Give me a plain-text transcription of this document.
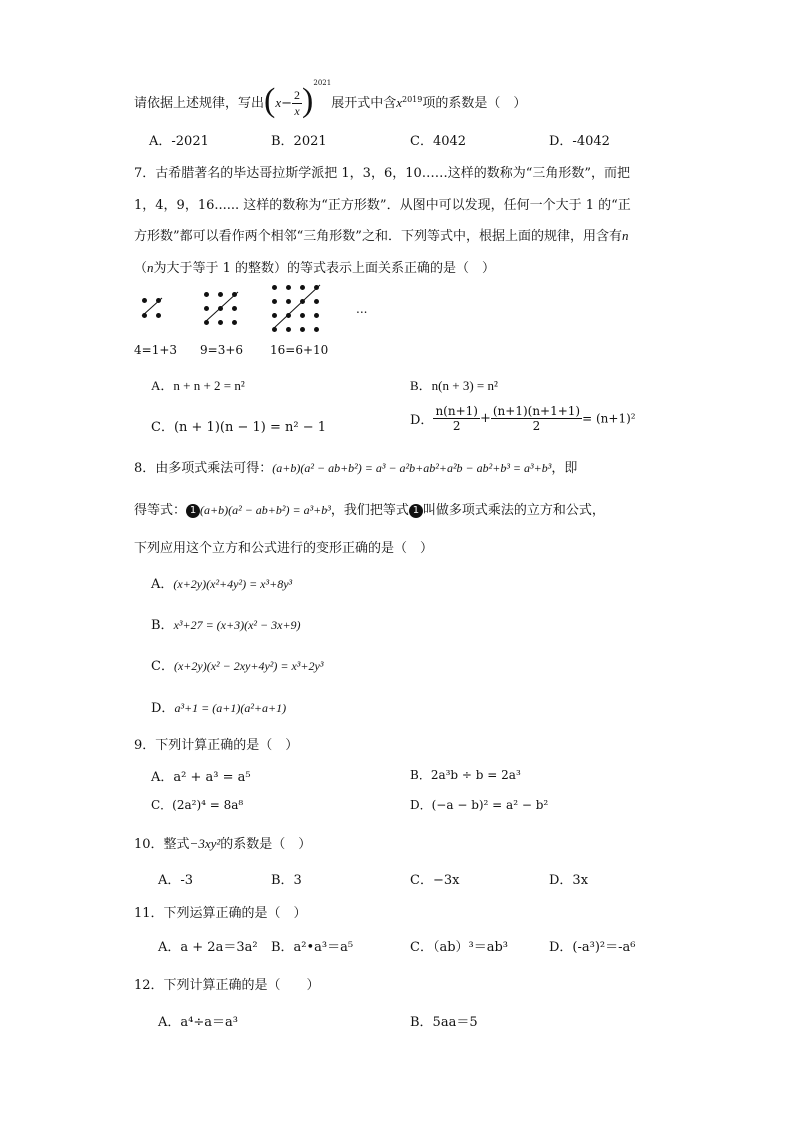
请依据上述规律，写出$(x- \frac{2}{x} )^{2021}$展开式中含$x^{2019}$项的系数是（　）
A．-2021	B．2021	C．4042	D．-4042
7．古希腊著名的毕达哥拉斯学派把 1，3，6，10……这样的数称为“三角形数”，而把
1，4，9，16...... 这样的数称为“正方形数”．从图中可以发现，任何一个大于 1 的“正
方形数”都可以看作两个相邻“三角形数”之和．下列等式中，根据上面的规律，用含有n
（n为大于等于 1 的整数）的等式表示上面关系正确的是（　）
...
4=1+3 9=3+6 16=6+10
A．n + n + 2 = n²	B．n(n + 3) = n²
C．(n + 1)(n − 1) = n² − 1	D． $\frac{n(n+1)}{2} + \frac{(n+1)(n+1+1)}{2} = (n+1)^2$
8．由多项式乘法可得：(a+b)(a² − ab+b²) = a³ − a²b+ab²+a²b − ab²+b³ = a³+b³，即
得等式： 1 (a+b)(a² − ab+b²) = a³+b³，我们把等式 1 叫做多项式乘法的立方和公式，
下列应用这个立方和公式进行的变形正确的是（　）
A．(x+2y)(x²+4y²) = x³+8y³
B．x³+27 = (x+3)(x² − 3x+9)
C．(x+2y)(x² − 2xy+4y²) = x³+2y³
D．a³+1 = (a+1)(a²+a+1)
9．下列计算正确的是（　）
A．a² + a³ = a⁵	B．2a³b ÷ b = 2a³
C．(2a²)⁴ = 8a⁸	D．(−a − b)² = a² − b²
10．整式−3xy²的系数是（　）
A．-3	B．3	C．−3x	D．3x
11．下列运算正确的是（　）
A．a + 2a＝3a² B．a²•a³＝a⁵	C．（ab）³＝ab³	D．(-a³)²＝-a⁶
12．下列计算正确的是（　　）
A．a⁴÷a＝a³	B．5aa＝5
